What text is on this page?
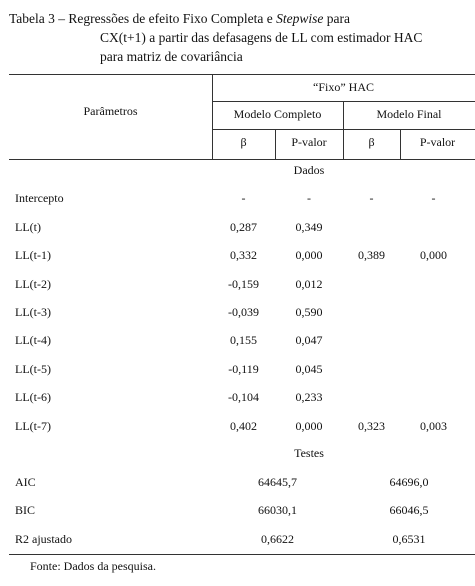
Tabela 3 – Regressões de efeito Fixo Completa e Stepwise para
CX(t+1) a partir das defasagens de LL com estimador HAC
para matriz de covariância
Parâmetros
“Fixo” HAC
Modelo Completo	Modelo Final
β	P-valor	β	P-valor
Dados
Intercepto	-	-	-	-
LL(t)	0,287	0,349
LL(t-1)	0,332	0,000	0,389	0,000
LL(t-2)	-0,159	0,012
LL(t-3)	-0,039	0,590
LL(t-4)	0,155	0,047
LL(t-5)	-0,119	0,045
LL(t-6)	-0,104	0,233
LL(t-7)	0,402	0,000	0,323	0,003
Testes
AIC	64645,7	64696,0
BIC	66030,1	66046,5
R2 ajustado	0,6622	0,6531
Fonte: Dados da pesquisa.
